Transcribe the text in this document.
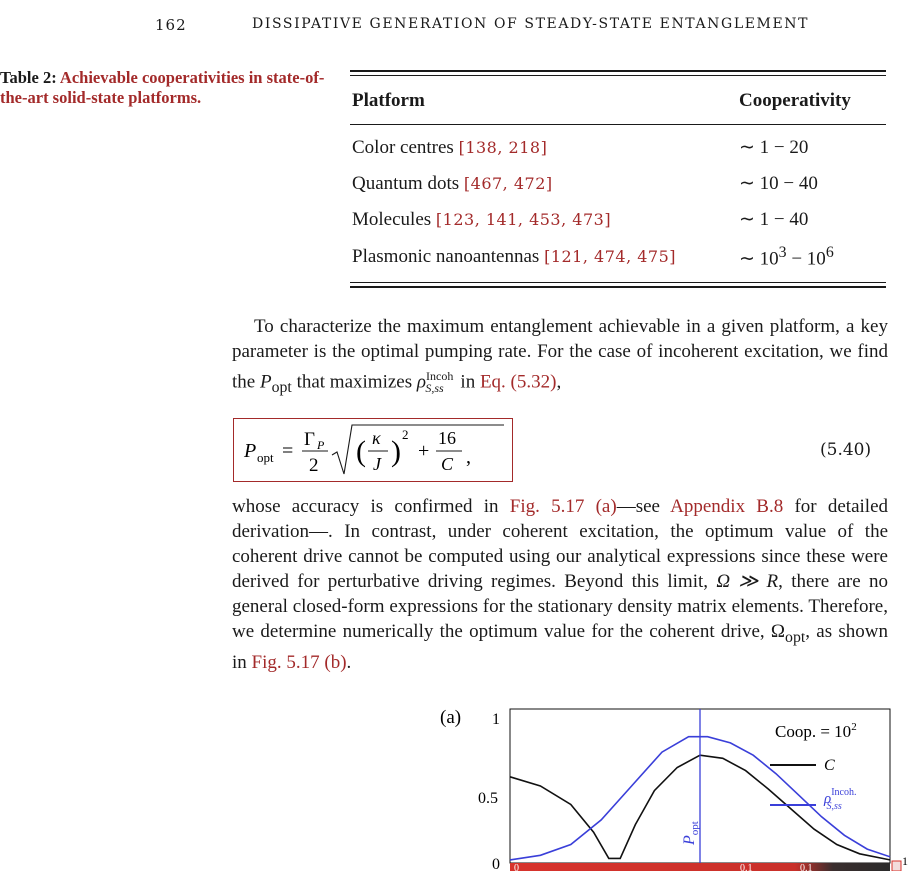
162	DISSIPATIVE GENERATION OF STEADY-STATE ENTANGLEMENT
Table 2: Achievable cooperativities in state-of-the-art solid-state platforms.	Platform	Cooperativity
Color centres [138, 218]	∼ 1 − 20
Quantum dots [467, 472]	∼ 10 − 40
Molecules [123, 141, 453, 473]	∼ 1 − 40
Plasmonic nanoantennas [121, 474, 475]	∼ $10^3 - 10^6$

To characterize the maximum entanglement achievable in a given platform, a key parameter is the optimal pumping rate. For the case of incoherent excitation, we find the $P_{opt}$ that maximizes $\rho^{Incoh}_{S,ss}$ in Eq. (5.32),

P opt =
Γ P
2 ( κ
J )
2
+
16
C ,	(5.40)

whose accuracy is confirmed in Fig. 5.17 (a)—see Appendix B.8 for detailed derivation—. In contrast, under coherent excitation, the optimum value of the coherent drive cannot be computed using our analytical expressions since these were derived for perturbative driving regimes. Beyond this limit, Ω ≫ R, there are no general closed-form expressions for the stationary density matrix elements. Therefore, we determine numerically the optimum value for the coherent drive, $\Omega_{opt}$, as shown in Fig. 5.17 (b).

(a) 1
0.5
0
$P_{opt}$
Coop. = $10^2$
C
$\rho^{Incoh.}$ S,ss
0	0.1	0.1
1
